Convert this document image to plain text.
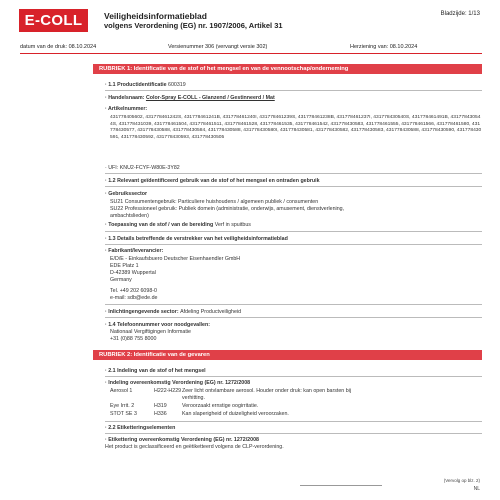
E-COLL	Veiligheidsinformatieblad
volgens Verordening (EG) nr. 1907/2006, Artikel 31
Bladzijde: 1/13
datum van de druk: 08.10.2024	Versienummer 306 (vervangt versie 302)	Herziening van: 08.10.2024
RUBRIEK 1: Identificatie van de stof of het mengsel en van de vennootschap/onderneming
· 1.1 Productidentificatie 600319
· Handelsnaam: Color-Spray E-COLL - Glanzend / Gestinneerd / Mat
· Artikelnummer:
431778405602, 431778461242S, 431778461241B, 431778461240I, 431778461239S, 431778461238B, 431778461237I, 431778430540S, 431778461491B, 431778430544S, 431778431039, 431778461504, 431778461511, 431778461528, 431778461535, 431778461542, 431778430583, 431778461555, 431778461566, 431778461580, 431778430577, 431778430588, 431778430584, 431778430588, 431778430580I, 431778430581, 431778430582, 431778430583, 431778430588, 431778430590, 431778430591, 431778430592, 431778430593, 431778430505
· UFI: KNU2-FCYF-W80E-3Y82
· 1.2 Relevant geïdentificeerd gebruik van de stof of het mengsel en ontraden gebruik
· Gebruikssector
SU21 Consumentengebruik: Particuliere huishoudens / algemeen publiek / consumenten
SU22 Professioneel gebruik: Publiek domein (administratie, onderwijs, amusement, dienstverlening,
ambachtslieden)
· Toepassing van de stof / van de bereiding Verf in spuitbus
· 1.3 Details betreffende de verstrekker van het veiligheidsinformatieblad
· Fabrikant/leverancier:
E/D/E - Einkaufsbuero Deutscher Eisenhaendler GmbH
EDE Platz 1
D-42389 Wuppertal
Germany
Tel. +49 202 6098-0
e-mail: sdb@ede.de
· Inlichtingengevende sector: Afdeling Productveiligheid
· 1.4 Telefoonnummer voor noodgevallen:
Nationaal Vergiftigingen Informatie
+31 (0)88 755 8000
RUBRIEK 2: Identificatie van de gevaren
· 2.1 Indeling van de stof of het mengsel
· Indeling overeenkomstig Verordening (EG) nr. 1272/2008
Aerosol 1	H222-H229 Zeer licht ontvlambare aerosol. Houder onder druk: kan open barsten bij
verhitting.
Eye Irrit. 2	H319	Veroorzaakt ernstige oogirritatie.
STOT SE 3	H336	Kan slaperigheid of duizeligheid veroorzaken.
· 2.2 Etiketteringselementen
· Etikettering overeenkomstig Verordening (EG) nr. 1272/2008
Het product is geclassificeerd en geëtiketteerd volgens de CLP-verordening.
(Vervolg op blz. 2)
NL
